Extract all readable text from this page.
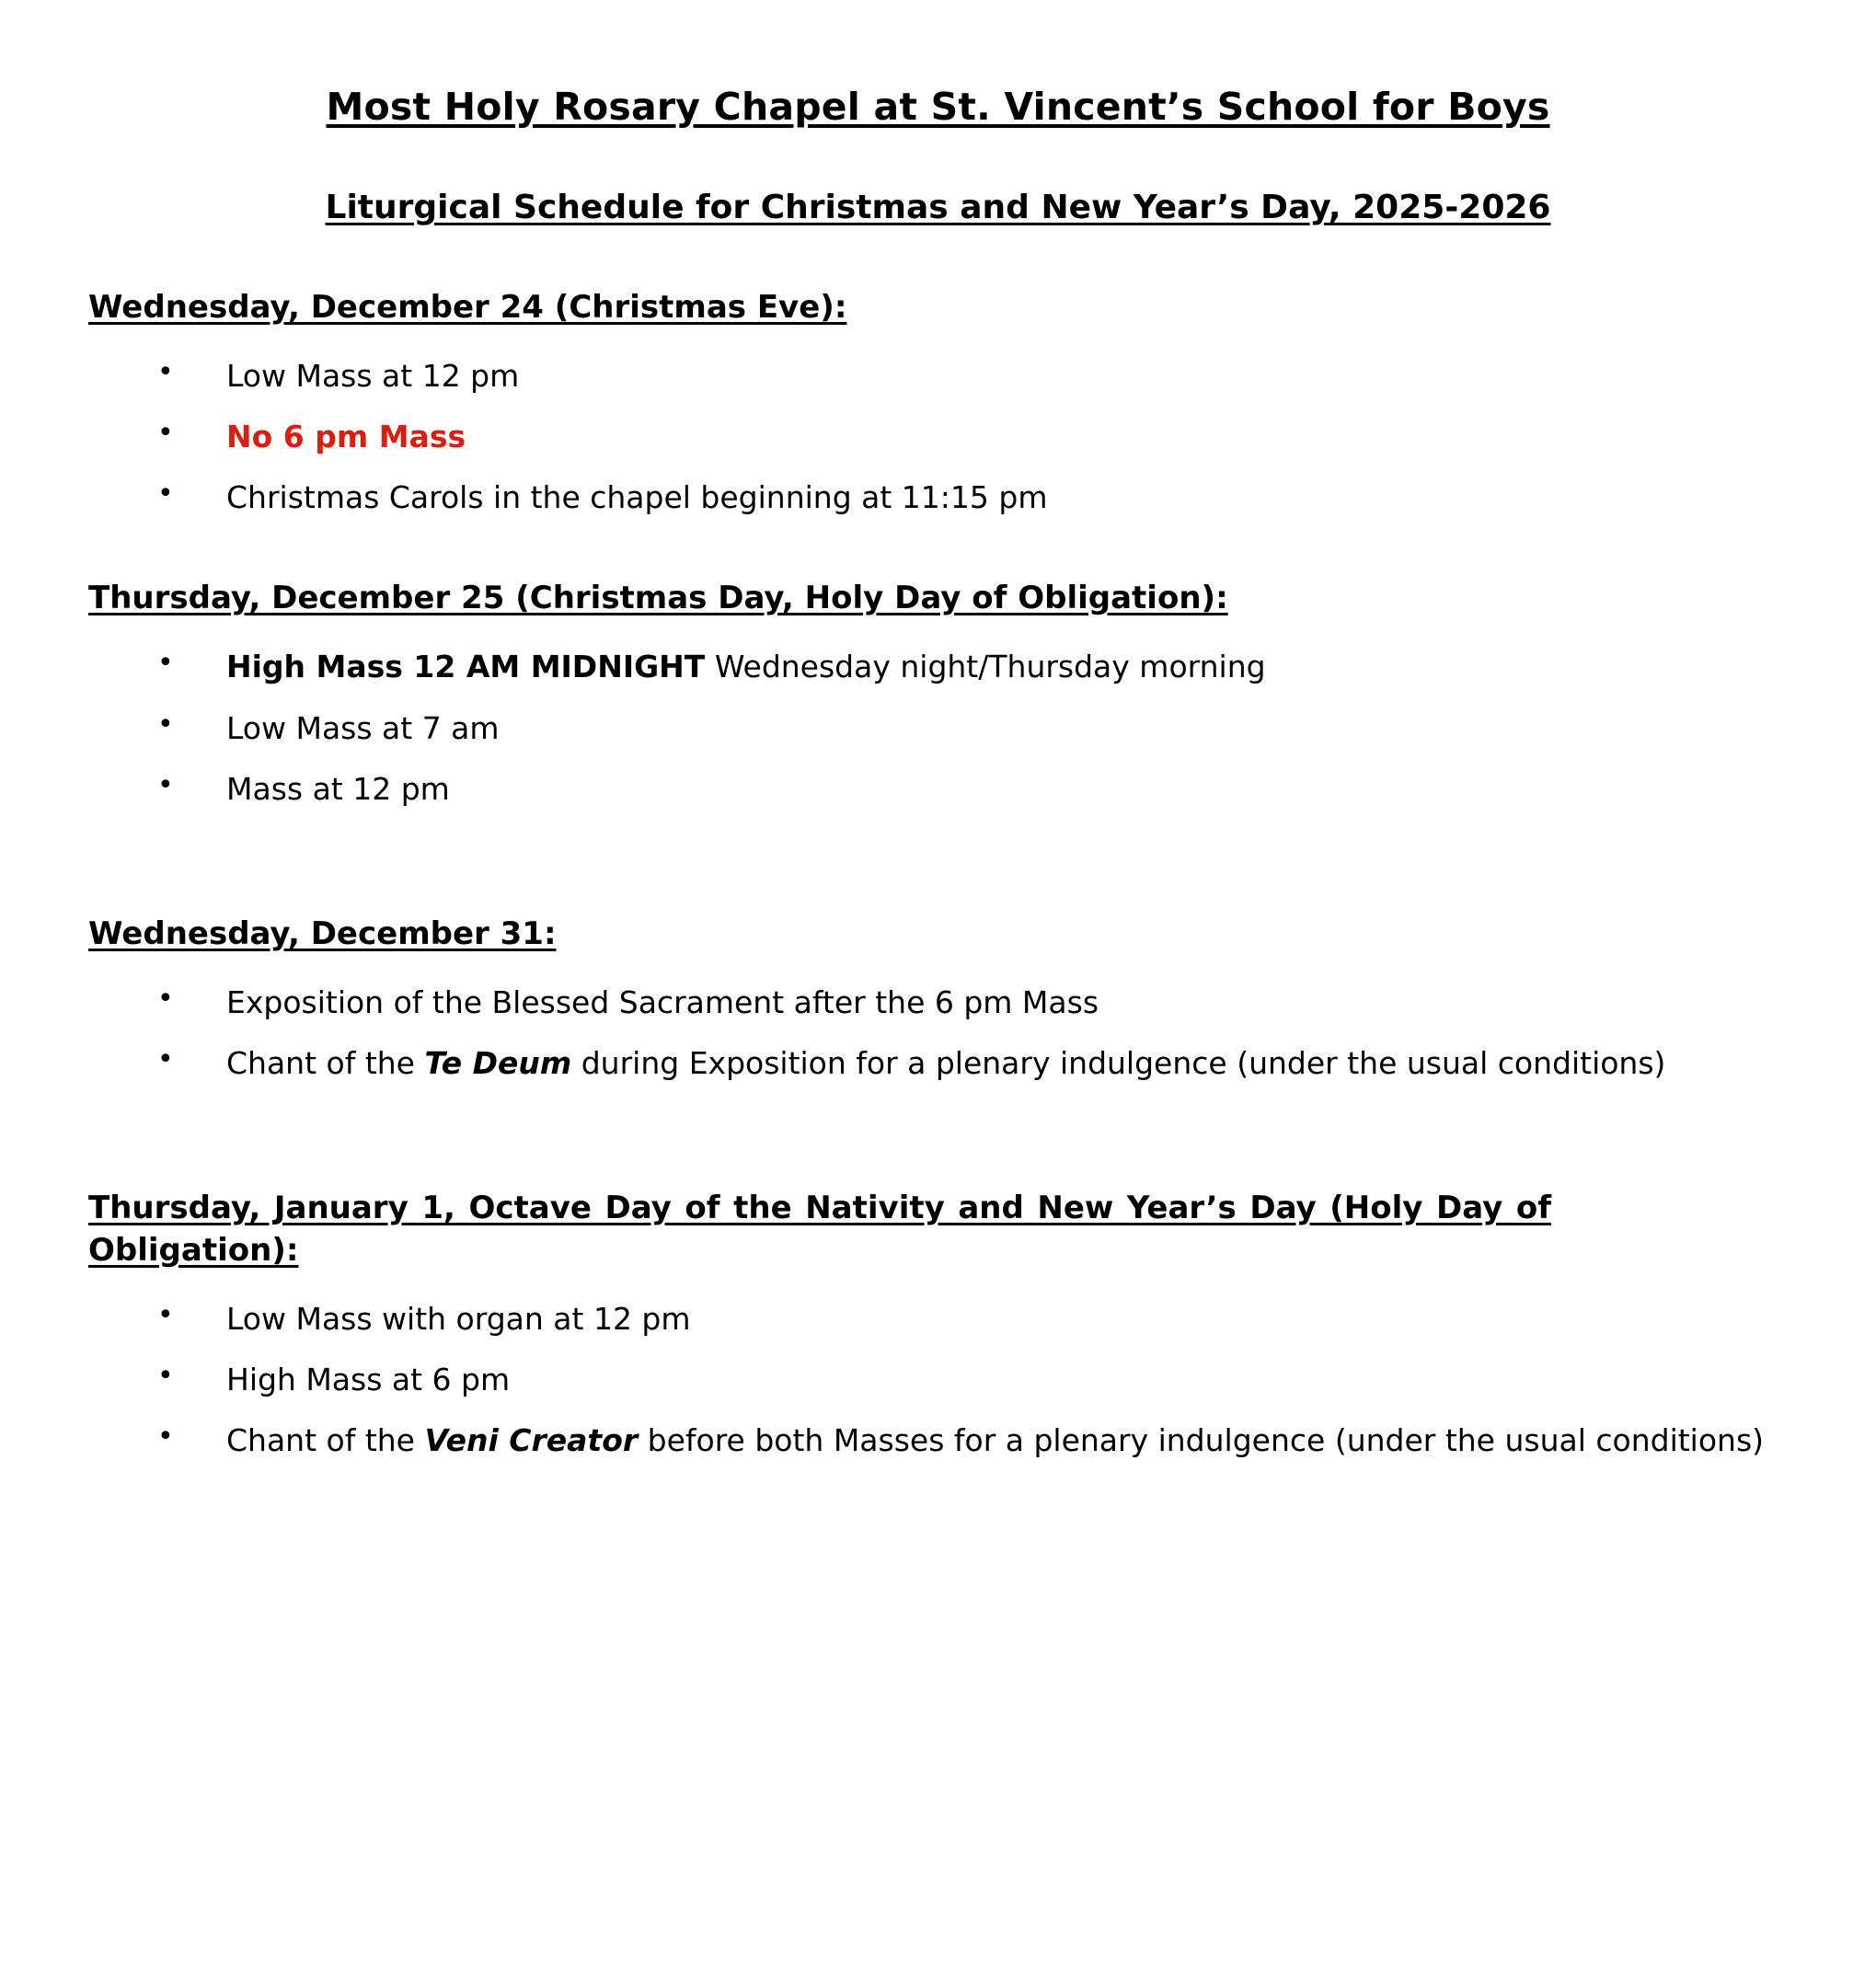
Most Holy Rosary Chapel at St. Vincent’s School for Boys
Liturgical Schedule for Christmas and New Year’s Day, 2025-2026
Wednesday, December 24 (Christmas Eve):
• Low Mass at 12 pm
• No 6 pm Mass
• Christmas Carols in the chapel beginning at 11:15 pm
Thursday, December 25 (Christmas Day, Holy Day of Obligation):
• High Mass 12 AM MIDNIGHT Wednesday night/Thursday morning
• Low Mass at 7 am
• Mass at 12 pm
Wednesday, December 31:
• Exposition of the Blessed Sacrament after the 6 pm Mass
• Chant of the Te Deum during Exposition for a plenary indulgence (under the usual conditions)
Thursday, January 1, Octave Day of the Nativity and New Year’s Day (Holy Day of Obligation):
• Low Mass with organ at 12 pm
• High Mass at 6 pm
• Chant of the Veni Creator before both Masses for a plenary indulgence (under the usual conditions)
